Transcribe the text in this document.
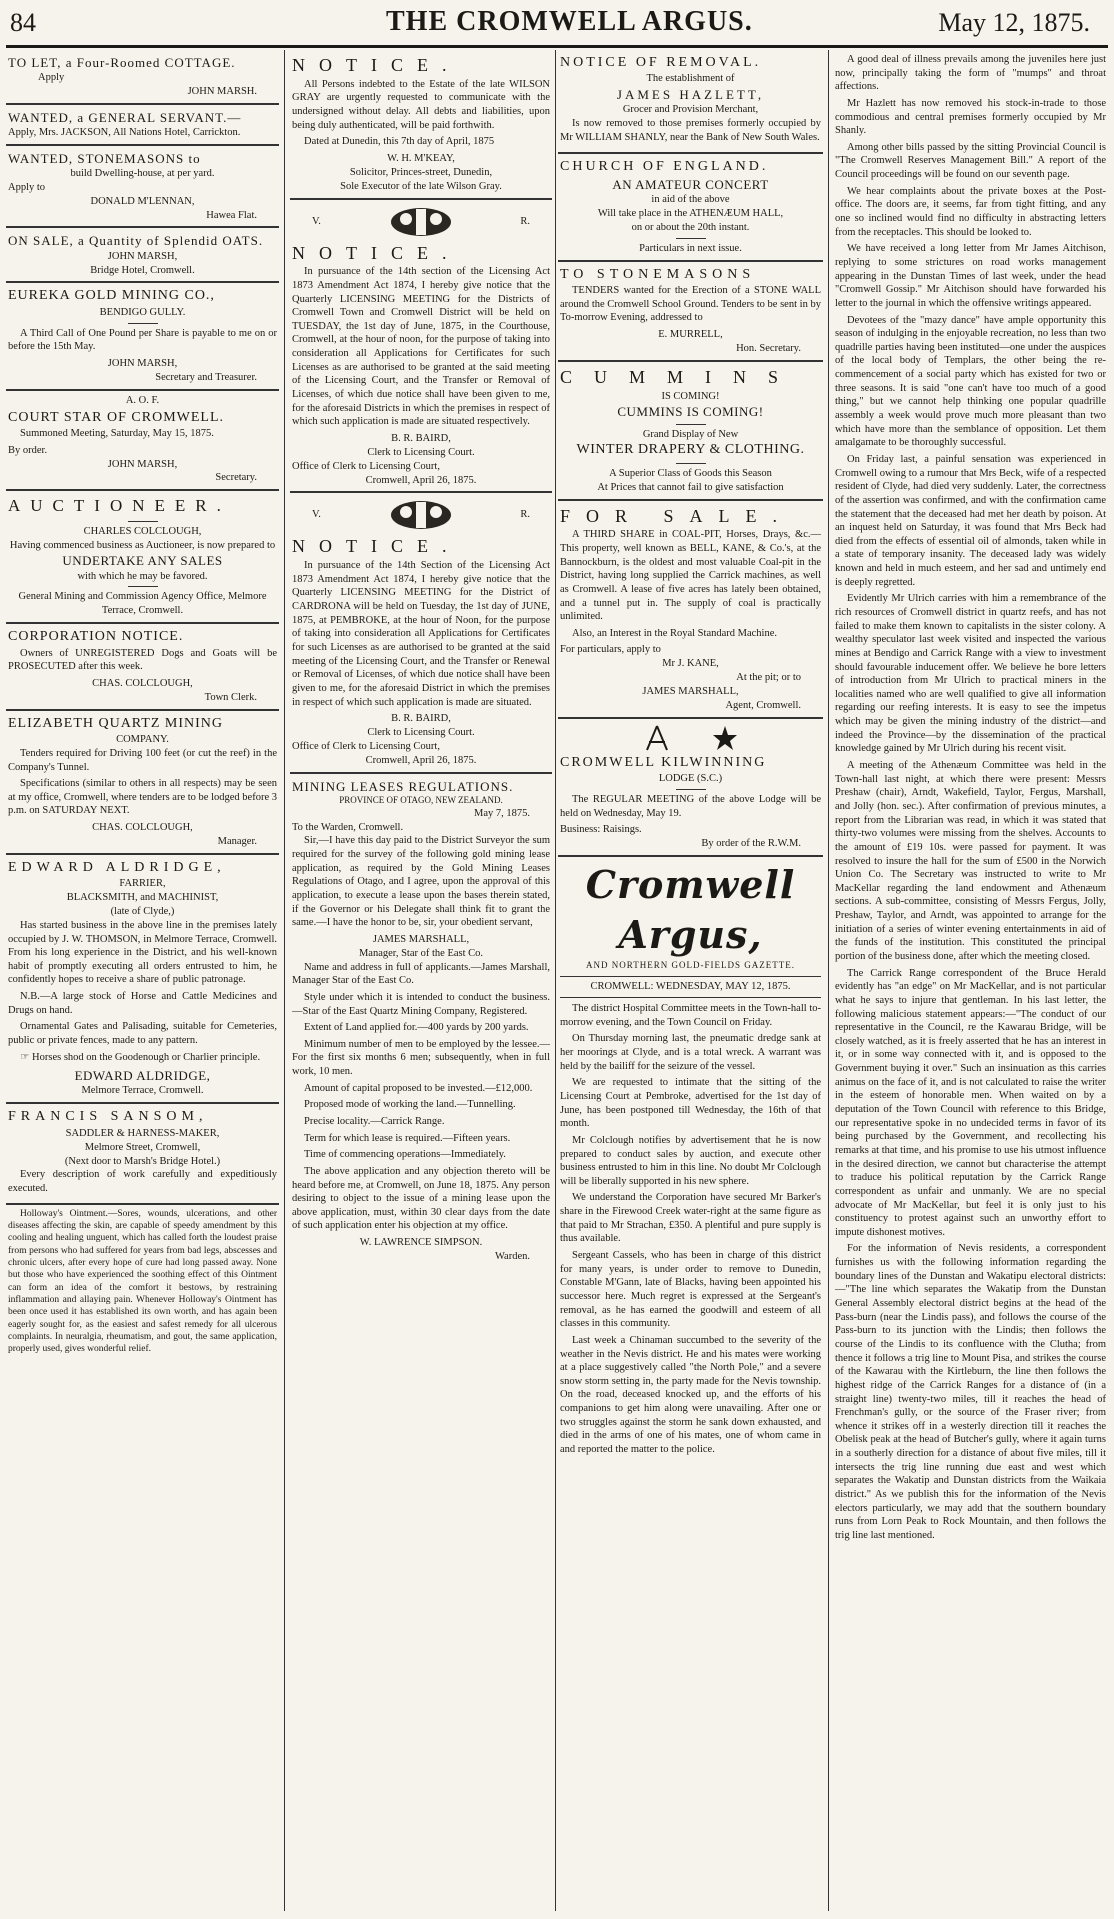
84	THE CROMWELL ARGUS.	May 12, 1875.
TO LET, a Four-Roomed COTTAGE.
Apply
JOHN MARSH.
WANTED, a GENERAL SERVANT.—
Apply, Mrs. JACKSON, All Nations Hotel, Carrickton.
WANTED, STONEMASONS to
build Dwelling-house, at per yard.
Apply to
DONALD M'LENNAN,
Hawea Flat.
ON SALE, a Quantity of Splendid OATS.
JOHN MARSH,
Bridge Hotel, Cromwell.
EUREKA GOLD MINING CO.,
BENDIGO GULLY.
A Third Call of One Pound per Share is payable to me on or before the 15th May.
JOHN MARSH,
Secretary and Treasurer.
A. O. F.
COURT STAR OF CROMWELL.
Summoned Meeting, Saturday, May 15, 1875.
By order.
JOHN MARSH,
Secretary.
AUCTIONEER.
CHARLES COLCLOUGH,
Having commenced business as Auctioneer, is now prepared to
UNDERTAKE ANY SALES
with which he may be favored.
General Mining and Commission Agency Office, Melmore Terrace, Cromwell.
CORPORATION NOTICE.
Owners of UNREGISTERED Dogs and Goats will be PROSECUTED after this week.
CHAS. COLCLOUGH,
Town Clerk.
ELIZABETH QUARTZ MINING
COMPANY.
Tenders required for Driving 100 feet (or cut the reef) in the Company's Tunnel.
Specifications (similar to others in all respects) may be seen at my office, Cromwell, where tenders are to be lodged before 3 p.m. on SATURDAY NEXT.
CHAS. COLCLOUGH,
Manager.
EDWARD ALDRIDGE,
FARRIER,
BLACKSMITH, and MACHINIST,
(late of Clyde,)
Has started business in the above line in the premises lately occupied by J. W. THOMSON, in Melmore Terrace, Cromwell. From his long experience in the District, and his well-known habit of promptly executing all orders entrusted to him, he confidently hopes to receive a share of public patronage.
N.B.—A large stock of Horse and Cattle Medicines and Drugs on hand.
Ornamental Gates and Palisading, suitable for Cemeteries, public or private fences, made to any pattern.
☞ Horses shod on the Goodenough or Charlier principle.
EDWARD ALDRIDGE,
Melmore Terrace, Cromwell.
FRANCIS SANSOM,
SADDLER & HARNESS-MAKER,
Melmore Street, Cromwell,
(Next door to Marsh's Bridge Hotel.)
Every description of work carefully and expeditiously executed.
Holloway's Ointment.—Sores, wounds, ulcerations, and other diseases affecting the skin, are capable of speedy amendment by this cooling and healing unguent, which has called forth the loudest praise from persons who had suffered for years from bad legs, abscesses and chronic ulcers, after every hope of cure had long passed away. None but those who have experienced the soothing effect of this Ointment can form an idea of the comfort it bestows, by restraining inflammation and allaying pain. Whenever Holloway's Ointment has been once used it has established its own worth, and has again been eagerly sought for, as the easiest and safest remedy for all ulcerous complaints. In neuralgia, rheumatism, and gout, the same application, properly used, gives wonderful relief.
NOTICE.
All Persons indebted to the Estate of the late WILSON GRAY are urgently requested to communicate with the undersigned without delay. All debts and liabilities, upon being duly authenticated, will be paid forthwith.
Dated at Dunedin, this 7th day of April, 1875
W. H. M'KEAY,
Solicitor, Princes-street, Dunedin,
Sole Executor of the late Wilson Gray.
V.	R.
NOTICE.
In pursuance of the 14th section of the Licensing Act 1873 Amendment Act 1874, I hereby give notice that the Quarterly LICENSING MEETING for the Districts of Cromwell Town and Cromwell District will be held on TUESDAY, the 1st day of June, 1875, in the Courthouse, Cromwell, at the hour of noon, for the purpose of taking into consideration all Applications for Certificates for such Licenses as are authorised to be granted at the said meeting of the Licensing Court, and the Transfer or Removal of Licenses, of which due notice shall have been given to me, for the aforesaid Districts in which the premises in respect of which such application is made are situated respectively.
B. R. BAIRD,
Clerk to Licensing Court.
Office of Clerk to Licensing Court,
Cromwell, April 26, 1875.
V.	R.
NOTICE.
In pursuance of the 14th Section of the Licensing Act 1873 Amendment Act 1874, I hereby give notice that the Quarterly LICENSING MEETING for the District of CARDRONA will be held on Tuesday, the 1st day of JUNE, 1875, at PEMBROKE, at the hour of Noon, for the purpose of taking into consideration all Applications for Certificates for such Licenses as are authorised to be granted at the said meeting of the Licensing Court, and the Transfer or Renewal or Removal of Licenses, of which due notice shall have been given to me, for the aforesaid District in which the premises in respect of which such application is made are situated.
B. R. BAIRD,
Clerk to Licensing Court.
Office of Clerk to Licensing Court,
Cromwell, April 26, 1875.
MINING LEASES REGULATIONS.
PROVINCE OF OTAGO, NEW ZEALAND.
May 7, 1875.
To the Warden, Cromwell.
Sir,—I have this day paid to the District Surveyor the sum required for the survey of the following gold mining lease application, as required by the Gold Mining Leases Regulations of Otago, and I agree, upon the approval of this application, to execute a lease upon the bases therein stated, if the Governor or his Delegate shall think fit to grant the same.—I have the honor to be, sir, your obedient servant,
JAMES MARSHALL,
Manager, Star of the East Co.
Name and address in full of applicants.—James Marshall, Manager Star of the East Co.
Style under which it is intended to conduct the business.—Star of the East Quartz Mining Company, Registered.
Extent of Land applied for.—400 yards by 200 yards.
Minimum number of men to be employed by the lessee.—For the first six months 6 men; subsequently, when in full work, 10 men.
Amount of capital proposed to be invested.—£12,000.
Proposed mode of working the land.—Tunnelling.
Precise locality.—Carrick Range.
Term for which lease is required.—Fifteen years.
Time of commencing operations—Immediately.
The above application and any objection thereto will be heard before me, at Cromwell, on June 18, 1875. Any person desiring to object to the issue of a mining lease upon the above application, must, within 30 clear days from the date of such application enter his objection at my office.
W. LAWRENCE SIMPSON.
Warden.
NOTICE OF REMOVAL.
The establishment of
JAMES HAZLETT,
Grocer and Provision Merchant,
Is now removed to those premises formerly occupied by Mr WILLIAM SHANLY, near the Bank of New South Wales.
CHURCH OF ENGLAND.
AN AMATEUR CONCERT
in aid of the above
Will take place in the ATHENÆUM HALL,
on or about the 20th instant.
Particulars in next issue.
TO STONEMASONS
TENDERS wanted for the Erection of a STONE WALL around the Cromwell School Ground. Tenders to be sent in by To-morrow Evening, addressed to
E. MURRELL,
Hon. Secretary.
CUMMINS
IS COMING!
CUMMINS IS COMING!
Grand Display of New
WINTER DRAPERY & CLOTHING.
A Superior Class of Goods this Season
At Prices that cannot fail to give satisfaction
FOR SALE.
A THIRD SHARE in COAL-PIT, Horses, Drays, &c.—This property, well known as BELL, KANE, & Co.'s, at the Bannockburn, is the oldest and most valuable Coal-pit in the District, having long supplied the Carrick machines, as well as Cromwell. A lease of five acres has lately been obtained, and a tunnel put in. The supply of coal is practically unlimited.
Also, an Interest in the Royal Standard Machine.
For particulars, apply to
Mr J. KANE,
At the pit; or to
JAMES MARSHALL,
Agent, Cromwell.
CROMWELL KILWINNING
LODGE (S.C.)
The REGULAR MEETING of the above Lodge will be held on Wednesday, May 19.
Business: Raisings.
By order of the R.W.M.
Cromwell Argus,
AND NORTHERN GOLD-FIELDS GAZETTE.
CROMWELL: WEDNESDAY, MAY 12, 1875.
The district Hospital Committee meets in the Town-hall to-morrow evening, and the Town Council on Friday.
On Thursday morning last, the pneumatic dredge sank at her moorings at Clyde, and is a total wreck. A warrant was held by the bailiff for the seizure of the vessel.
We are requested to intimate that the sitting of the Licensing Court at Pembroke, advertised for the 1st day of June, has been postponed till Wednesday, the 16th of that month.
Mr Colclough notifies by advertisement that he is now prepared to conduct sales by auction, and execute other business entrusted to him in this line. No doubt Mr Colclough will be liberally supported in his new sphere.
We understand the Corporation have secured Mr Barker's share in the Firewood Creek water-right at the same figure as that paid to Mr Strachan, £350. A plentiful and pure supply is thus available.
Sergeant Cassels, who has been in charge of this district for many years, is under order to remove to Dunedin, Constable M'Gann, late of Blacks, having been appointed his successor here. Much regret is expressed at the Sergeant's removal, as he has earned the goodwill and esteem of all classes in this community.
Last week a Chinaman succumbed to the severity of the weather in the Nevis district. He and his mates were working at a place suggestively called "the North Pole," and a severe snow storm setting in, the party made for the Nevis township. On the road, deceased knocked up, and the efforts of his companions to get him along were unavailing. After one or two struggles against the storm he sank down exhausted, and died in the arms of one of his mates, one of whom came in and reported the matter to the police.
A good deal of illness prevails among the juveniles here just now, principally taking the form of "mumps" and throat affections.
Mr Hazlett has now removed his stock-in-trade to those commodious and central premises formerly occupied by Mr Shanly.
Among other bills passed by the sitting Provincial Council is "The Cromwell Reserves Management Bill." A report of the Council proceedings will be found on our seventh page.
We hear complaints about the private boxes at the Post-office. The doors are, it seems, far from tight fitting, and any one so inclined would find no difficulty in abstracting letters from the receptacles. This should be looked to.
We have received a long letter from Mr James Aitchison, replying to some strictures on road works management appearing in the Dunstan Times of last week, under the head "Cromwell Gossip." Mr Aitchison should have forwarded his letter to the journal in which the offensive writings appeared.
Devotees of the "mazy dance" have ample opportunity this season of indulging in the enjoyable recreation, no less than two quadrille parties having been instituted—one under the auspices of the local body of Templars, the other being the re-commencement of a social party which has existed for two or three seasons. It is said "one can't have too much of a good thing," but we cannot help thinking one popular quadrille assembly a week would prove much more pleasant than two which have more than the semblance of opposition. Let them amalgamate to be thoroughly successful.
On Friday last, a painful sensation was experienced in Cromwell owing to a rumour that Mrs Beck, wife of a respected resident of Clyde, had died very suddenly. Later, the correctness of the assertion was confirmed, and with the confirmation came the statement that the deceased had met her death by poison. At an inquest held on Saturday, it was found that Mrs Beck had died from the effects of essential oil of almonds, taken while in a state of temporary insanity. The deceased lady was widely known and held in much esteem, and her sad and untimely end is deeply regretted.
Evidently Mr Ulrich carries with him a remembrance of the rich resources of Cromwell district in quartz reefs, and has not failed to make them known to capitalists in the sister colony. A wealthy speculator last week visited and inspected the various mines at Bendigo and Carrick Range with a view to investment should favourable inducement offer. We believe he bore letters of introduction from Mr Ulrich to practical miners in the localities named who are well qualified to give all information regarding our reefing interests. It is easy to see the impetus which may be given the mining industry of the district—and indeed the Province—by the dissemination of the practical knowledge gained by Mr Ulrich during his recent visit.
A meeting of the Athenæum Committee was held in the Town-hall last night, at which there were present: Messrs Preshaw (chair), Arndt, Wakefield, Taylor, Fergus, Marshall, and Jolly (hon. sec.). After confirmation of previous minutes, a report from the Librarian was read, in which it was stated that thirty-two volumes were missing from the shelves. Accounts to the amount of £19 10s. were passed for payment. It was resolved to insure the hall for the sum of £500 in the Norwich Union Co. The Secretary was instructed to write to Mr MacKellar regarding the land endowment and Athenæum sections. A sub-committee, consisting of Messrs Fergus, Jolly, Preshaw, Taylor, and Arndt, was appointed to arrange for the initiation of a series of winter evening entertainments in aid of the funds of the institution. This constituted the principal portion of the business done, after which the meeting closed.
The Carrick Range correspondent of the Bruce Herald evidently has "an edge" on Mr MacKellar, and is not particular what he says to injure that gentleman. In his last letter, the following malicious statement appears:—"The conduct of our representative in the Council, re the Kawarau Bridge, will be closely watched, as it is freely asserted that he has an interest in it, or in some way connected with it, and is opposed to the Government buying it over." Such an insinuation as this carries animus on the face of it, and is not calculated to raise the writer in the esteem of honorable men. When waited on by a deputation of the Town Council with reference to this Bridge, our representative spoke in no undecided terms in favor of its being purchased by the Government, and recollecting his remarks at that time, and his promise to use his utmost influence in the desired direction, we cannot but characterise the attempt to traduce his political reputation by the Carrick Range correspondent as unfair and unmanly. We are no special advocate of Mr MacKellar, but feel it is only just to his constituency to protest against such an unworthy effort to impute dishonest motives.
For the information of Nevis residents, a correspondent furnishes us with the following information regarding the boundary lines of the Dunstan and Wakatipu electoral districts:—"The line which separates the Wakatip from the Dunstan General Assembly electoral district begins at the head of the Pass-burn (near the Lindis pass), and follows the course of the Pass-burn to its junction with the Lindis; then follows the course of the Lindis to its confluence with the Clutha; from thence it follows a trig line to Mount Pisa, and strikes the course of the Kawarau with the Kirtleburn, the line then follows the highest ridge of the Carrick Ranges for a distance of (in a straight line) twenty-two miles, till it reaches the head of Frenchman's gully, or the source of the Fraser river; from whence it strikes off in a westerly direction till it reaches the Obelisk peak at the head of Butcher's gully, where it again turns in a southerly direction for a distance of about five miles, till it intersects the trig line running due east and west which separates the Wakatip and Dunstan districts from the Waikaia district." As we publish this for the information of the Nevis electors particularly, we may add that the southern boundary runs from Lorn Peak to Rock Mountain, and then follows the trig line last mentioned.
